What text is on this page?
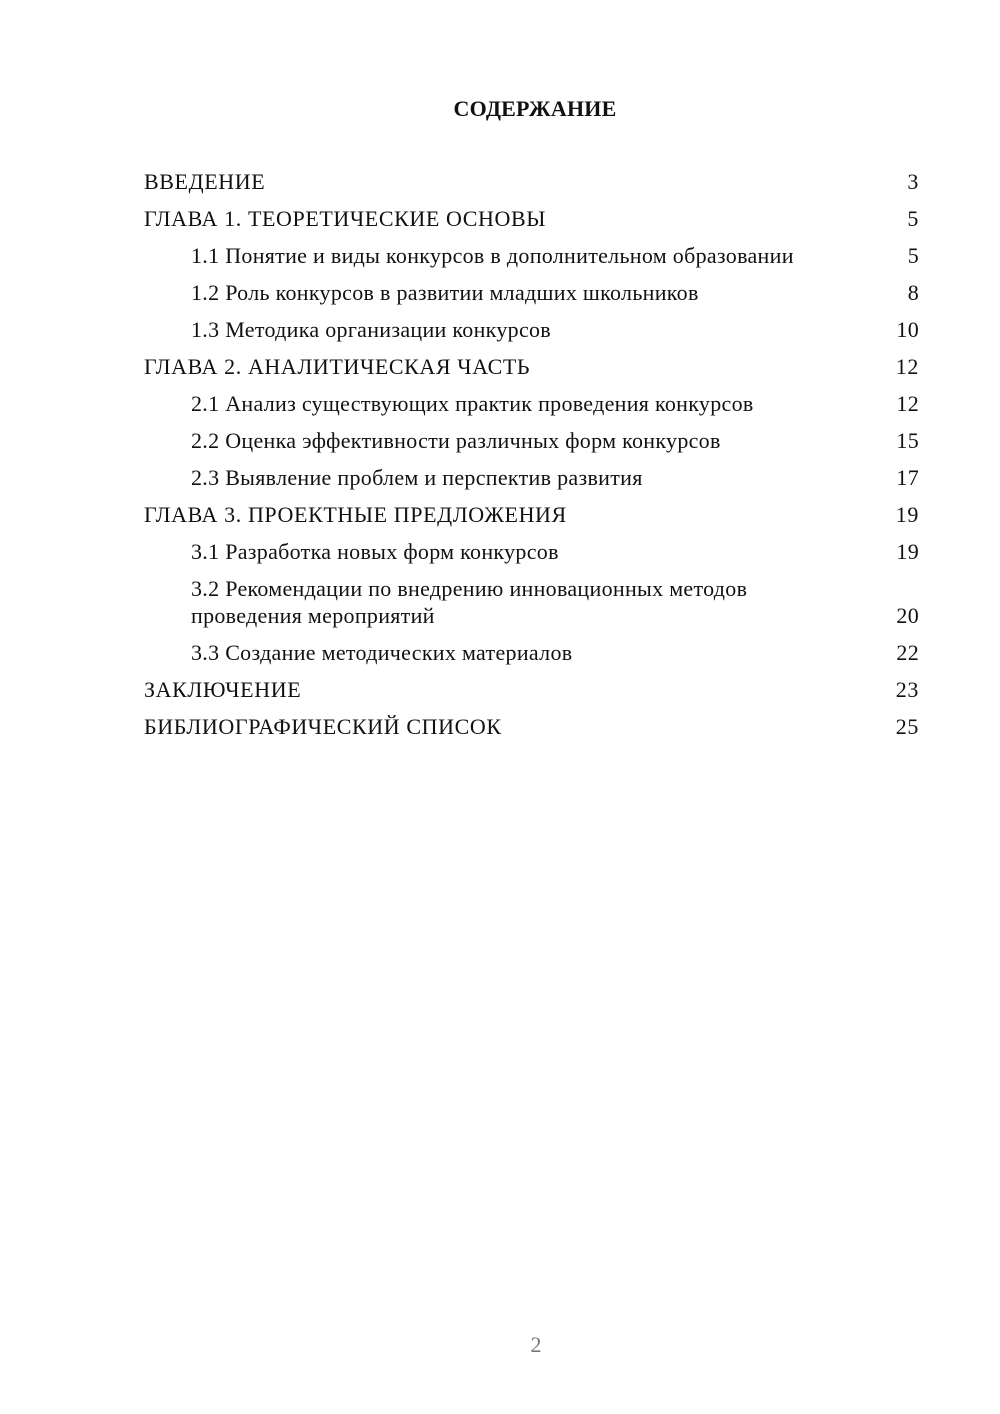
СОДЕРЖАНИЕ
ВВЕДЕНИЕ	3
ГЛАВА 1. ТЕОРЕТИЧЕСКИЕ ОСНОВЫ	5
1.1 Понятие и виды конкурсов в дополнительном образовании	5
1.2 Роль конкурсов в развитии младших школьников	8
1.3 Методика организации конкурсов	10
ГЛАВА 2. АНАЛИТИЧЕСКАЯ ЧАСТЬ	12
2.1 Анализ существующих практик проведения конкурсов	12
2.2 Оценка эффективности различных форм конкурсов	15
2.3 Выявление проблем и перспектив развития	17
ГЛАВА 3. ПРОЕКТНЫЕ ПРЕДЛОЖЕНИЯ	19
3.1 Разработка новых форм конкурсов	19
3.2 Рекомендации по внедрению инновационных методов проведения мероприятий	20
3.3 Создание методических материалов	22
ЗАКЛЮЧЕНИЕ	23
БИБЛИОГРАФИЧЕСКИЙ СПИСОК	25
2
